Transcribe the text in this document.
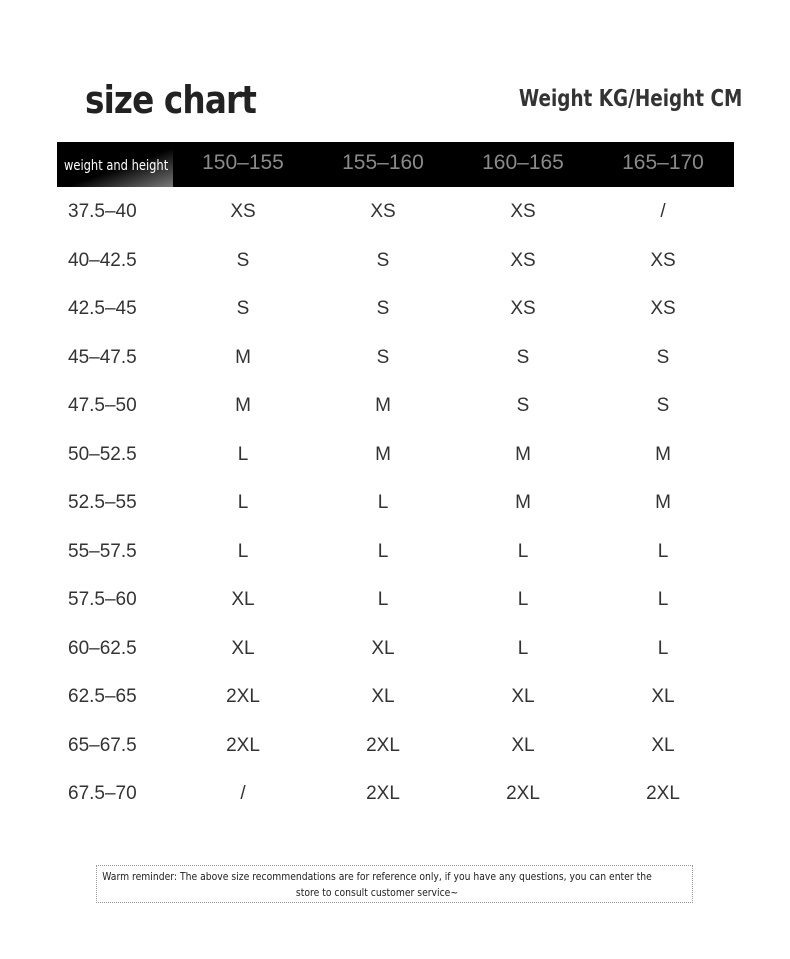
size chart	Weight KG/Height CM
weight and height	150–155	155–160	160–165	165–170
37.5–40	XS	XS	XS	/
40–42.5	S	S	XS	XS
42.5–45	S	S	XS	XS
45–47.5	M	S	S	S
47.5–50	M	M	S	S
50–52.5	L	M	M	M
52.5–55	L	L	M	M
55–57.5	L	L	L	L
57.5–60	XL	L	L	L
60–62.5	XL	XL	L	L
62.5–65	2XL	XL	XL	XL
65–67.5	2XL	2XL	XL	XL
67.5–70	/	2XL	2XL	2XL
Warm reminder: The above size recommendations are for reference only, if you have any questions, you can enter the
store to consult customer service~
